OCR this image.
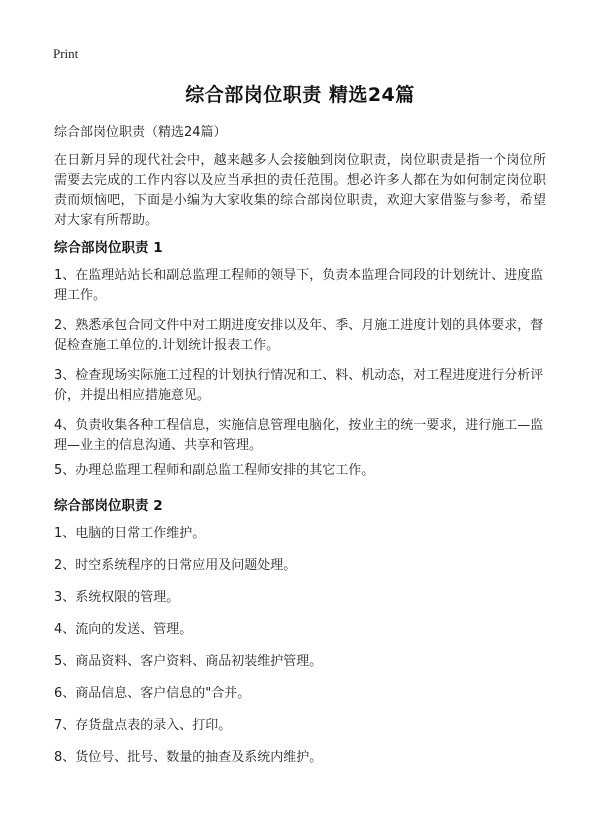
Print
综合部岗位职责 精选24篇
综合部岗位职责（精选24篇）
在日新月异的现代社会中，越来越多人会接触到岗位职责，岗位职责是指一个岗位所需要去完成的工作内容以及应当承担的责任范围。想必许多人都在为如何制定岗位职责而烦恼吧，下面是小编为大家收集的综合部岗位职责，欢迎大家借鉴与参考，希望对大家有所帮助。
综合部岗位职责 1
1、在监理站站长和副总监理工程师的领导下，负责本监理合同段的计划统计、进度监理工作。
2、熟悉承包合同文件中对工期进度安排以及年、季、月施工进度计划的具体要求，督促检查施工单位的.计划统计报表工作。
3、检查现场实际施工过程的计划执行情况和工、料、机动态，对工程进度进行分析评价，并提出相应措施意见。
4、负责收集各种工程信息，实施信息管理电脑化，按业主的统一要求，进行施工—监理—业主的信息沟通、共享和管理。
5、办理总监理工程师和副总监工程师安排的其它工作。
综合部岗位职责 2
1、电脑的日常工作维护。
2、时空系统程序的日常应用及问题处理。
3、系统权限的管理。
4、流向的发送、管理。
5、商品资料、客户资料、商品初装维护管理。
6、商品信息、客户信息的"合并。
7、存货盘点表的录入、打印。
8、货位号、批号、数量的抽查及系统内维护。
